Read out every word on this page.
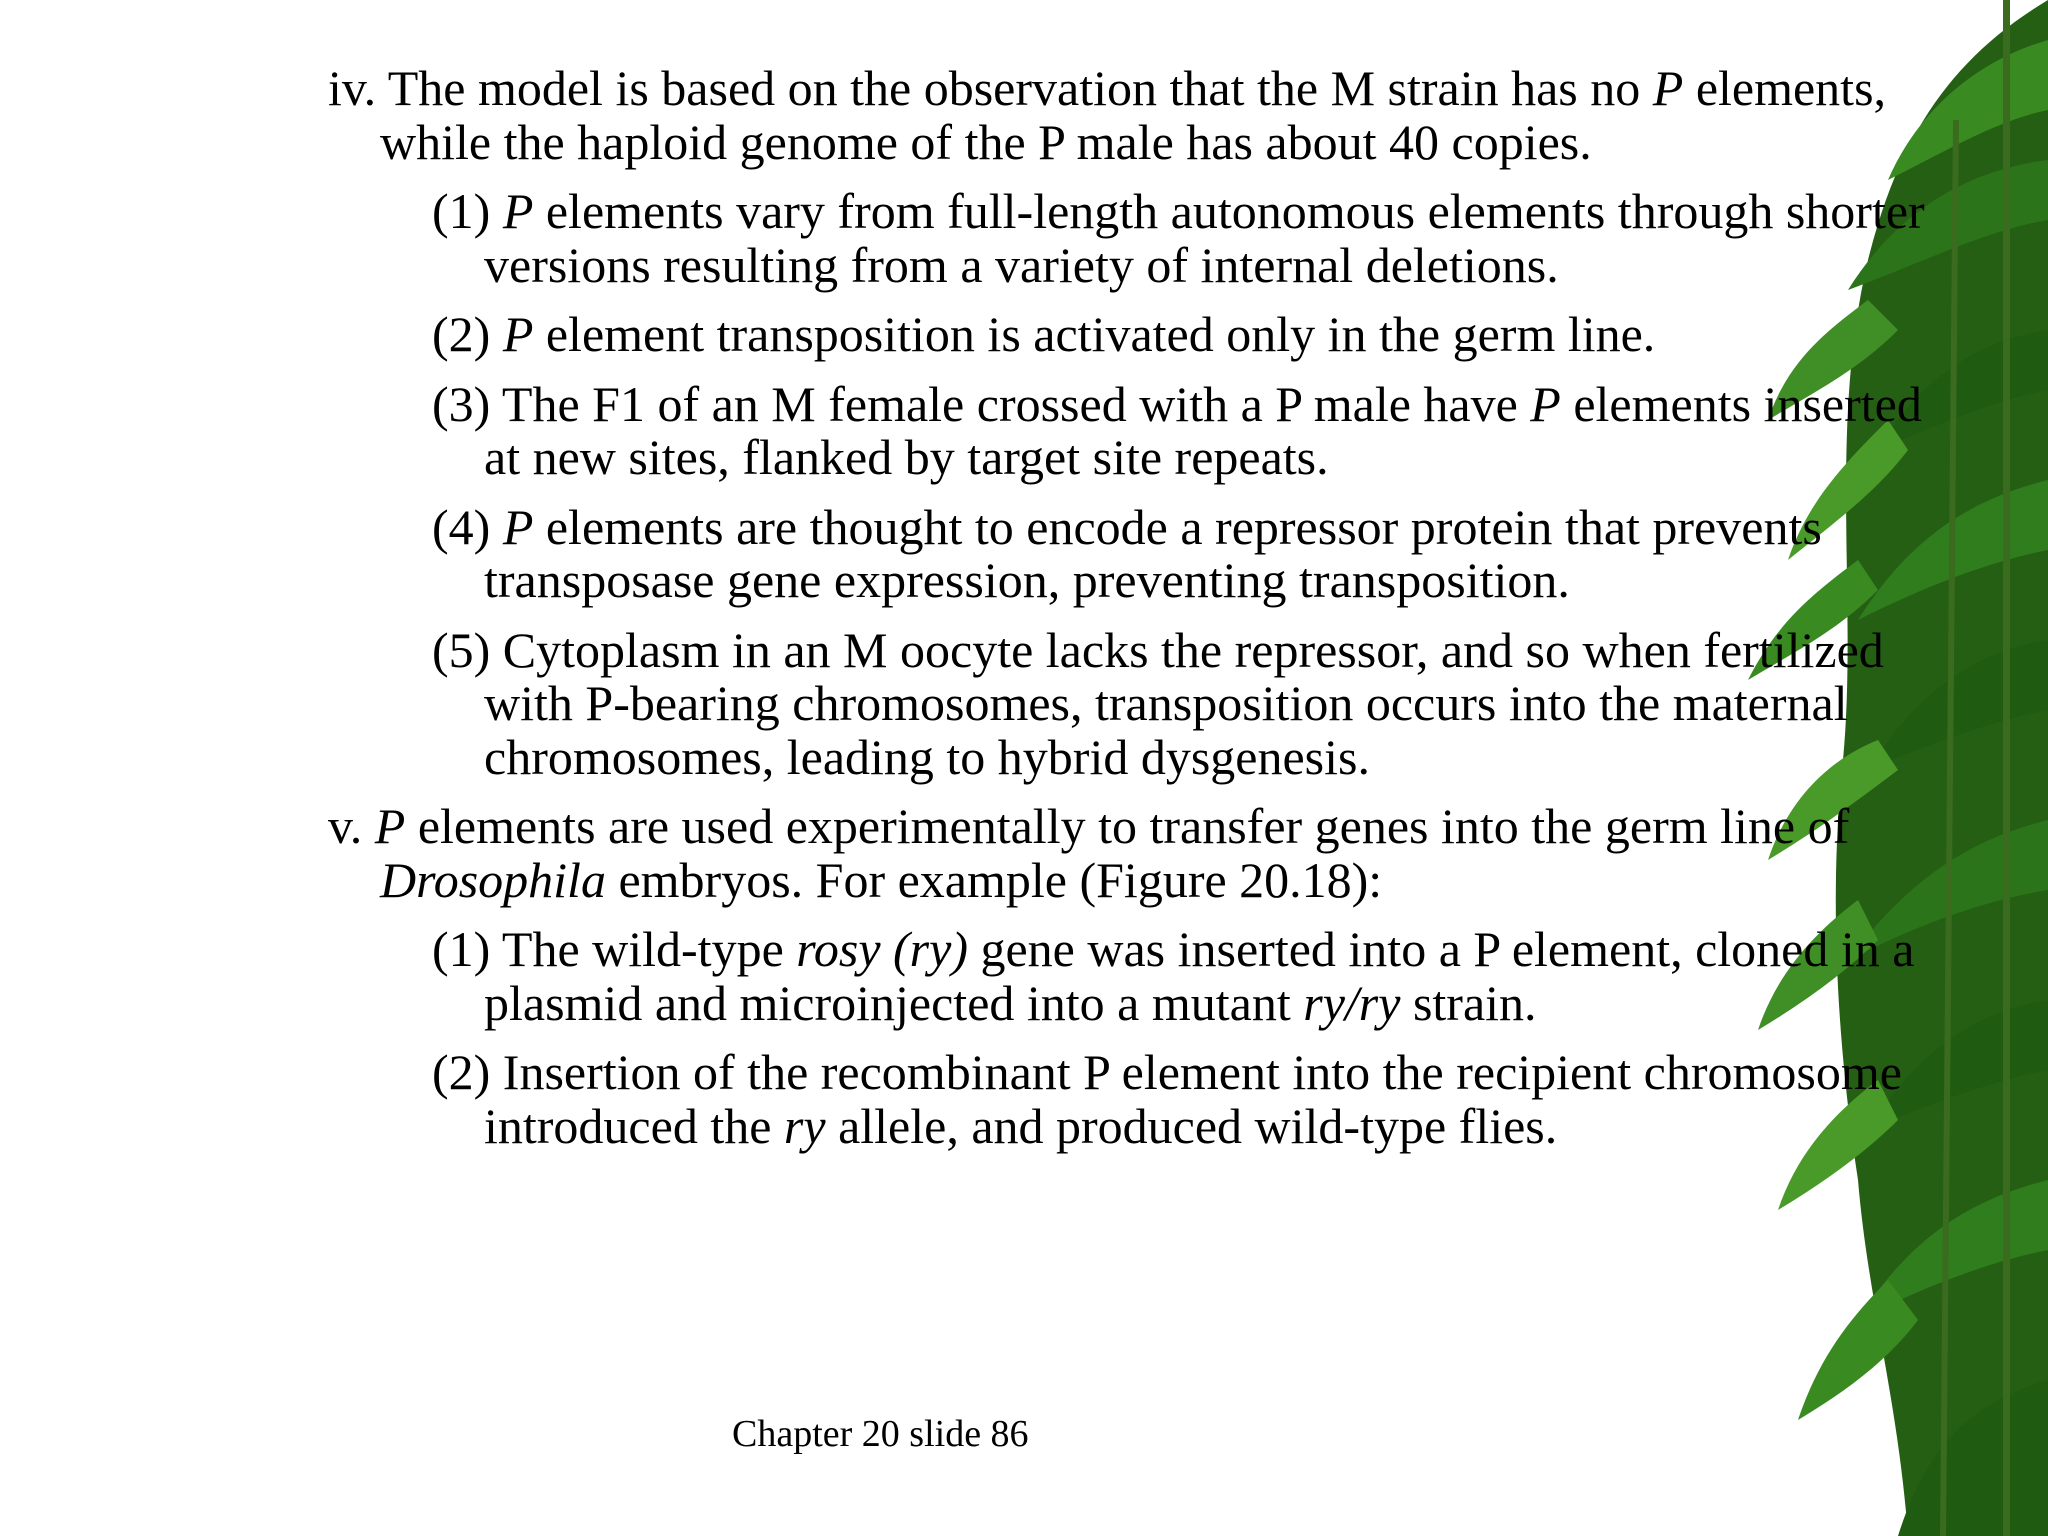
iv. The model is based on the observation that the M strain has no P elements, while the haploid genome of the P male has about 40 copies.
(1) P elements vary from full-length autonomous elements through shorter versions resulting from a variety of internal deletions.
(2) P element transposition is activated only in the germ line.
(3) The F1 of an M female crossed with a P male have P elements inserted at new sites, flanked by target site repeats.
(4) P elements are thought to encode a repressor protein that prevents transposase gene expression, preventing transposition.
(5) Cytoplasm in an M oocyte lacks the repressor, and so when fertilized with P-bearing chromosomes, transposition occurs into the maternal chromosomes, leading to hybrid dysgenesis.
v. P elements are used experimentally to transfer genes into the germ line of Drosophila embryos. For example (Figure 20.18):
(1) The wild-type rosy (ry) gene was inserted into a P element, cloned in a plasmid and microinjected into a mutant ry/ry strain.
(2) Insertion of the recombinant P element into the recipient chromosome introduced the ry allele, and produced wild-type flies.
Chapter 20 slide 86
